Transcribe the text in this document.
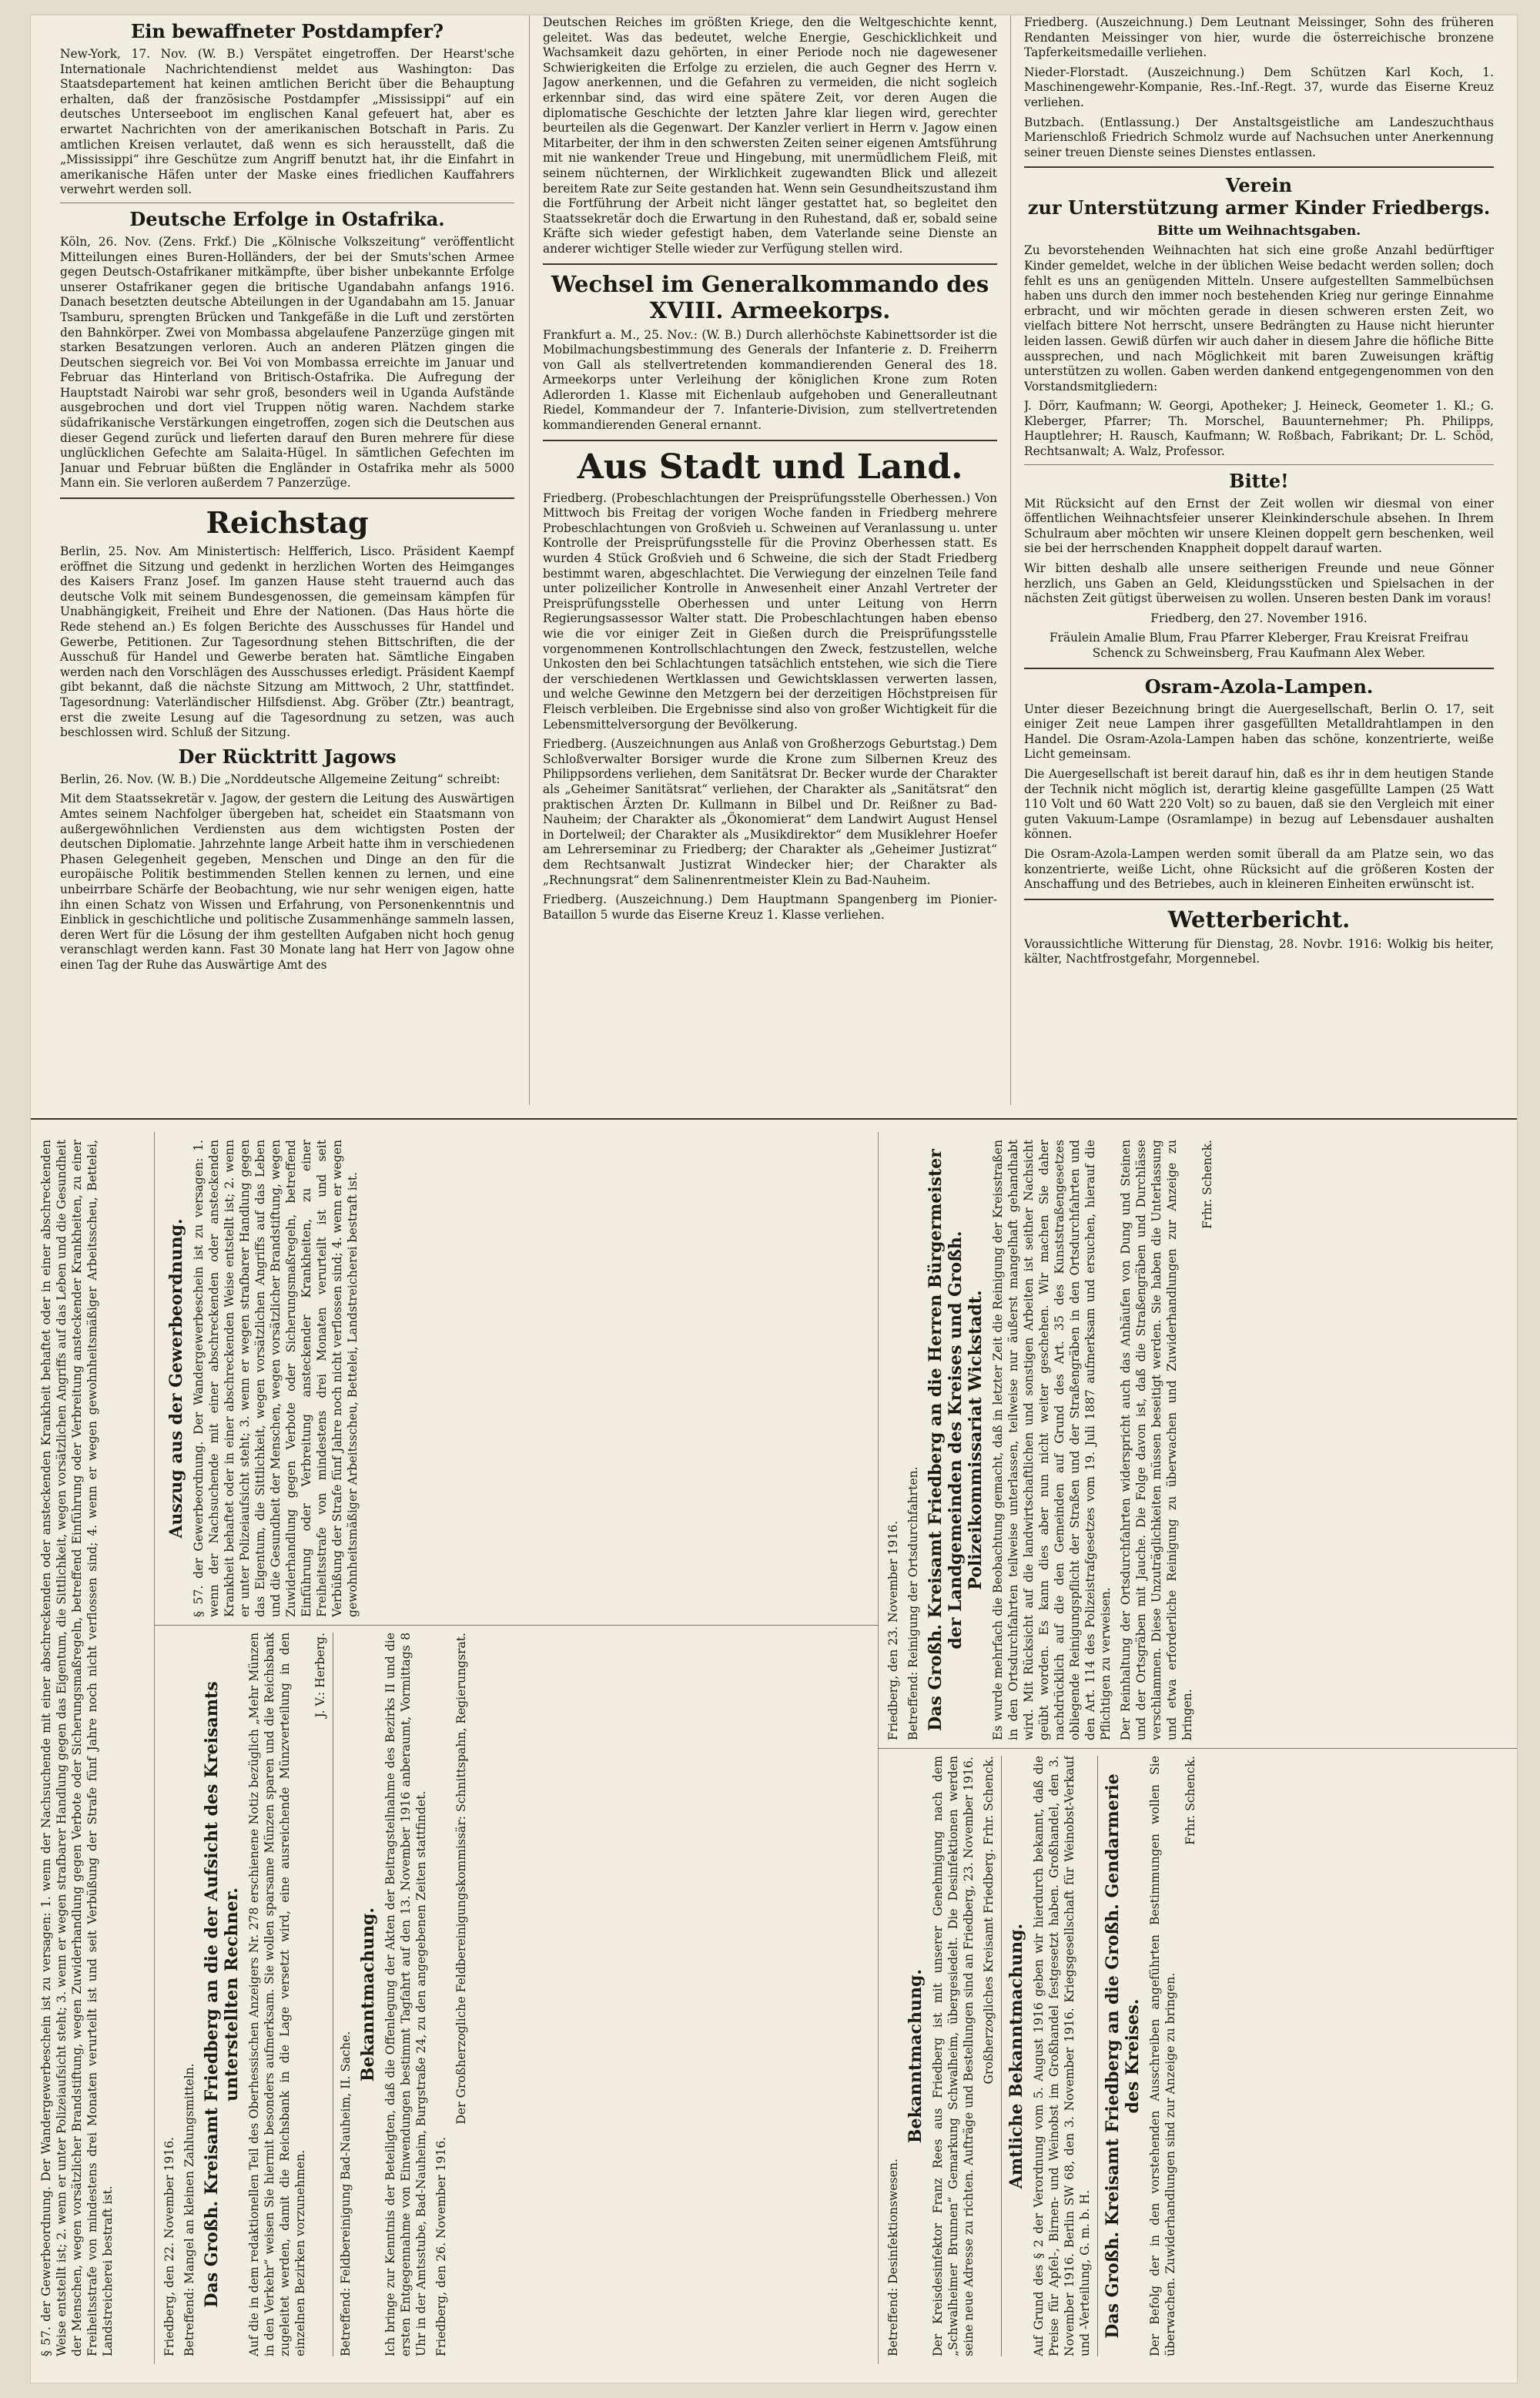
Ein bewaffneter Postdampfer?

New-York, 17. Nov. (W. B.) Verspätet eingetroffen. Der Hearst'sche Internationale Nachrichtendienst meldet aus Washington: Das Staatsdepartement hat keinen amtlichen Bericht über die Behauptung erhalten, daß der französische Postdampfer „Mississippi“ auf ein deutsches Unterseeboot im englischen Kanal gefeuert hat, aber es erwartet Nachrichten von der amerikanischen Botschaft in Paris. Zu amtlichen Kreisen verlautet, daß wenn es sich herausstellt, daß die „Mississippi“ ihre Geschütze zum Angriff benutzt hat, ihr die Einfahrt in amerikanische Häfen unter der Maske eines friedlichen Kauffahrers verwehrt werden soll.

Deutsche Erfolge in Ostafrika.

Köln, 26. Nov. (Zens. Frkf.) Die „Kölnische Volkszeitung“ veröffentlicht Mitteilungen eines Buren-Holländers, der bei der Smuts'schen Armee gegen Deutsch-Ostafrikaner mitkämpfte, über bisher unbekannte Erfolge unserer Ostafrikaner gegen die britische Ugandabahn anfangs 1916. Danach besetzten deutsche Abteilungen in der Ugandabahn am 15. Januar Tsamburu, sprengten Brücken und Tankgefäße in die Luft und zerstörten den Bahnkörper. Zwei von Mombassa abgelaufene Panzerzüge gingen mit starken Besatzungen verloren. Auch an anderen Plätzen gingen die Deutschen siegreich vor. Bei Voi von Mombassa erreichte im Januar und Februar das Hinterland von Britisch-Ostafrika. Die Aufregung der Hauptstadt Nairobi war sehr groß, besonders weil in Uganda Aufstände ausgebrochen und dort viel Truppen nötig waren. Nachdem starke südafrikanische Verstärkungen eingetroffen, zogen sich die Deutschen aus dieser Gegend zurück und lieferten darauf den Buren mehrere für diese unglücklichen Gefechte am Salaita-Hügel. In sämtlichen Gefechten im Januar und Februar büßten die Engländer in Ostafrika mehr als 5000 Mann ein. Sie verloren außerdem 7 Panzerzüge.

Reichstag

Berlin, 25. Nov. Am Ministertisch: Helfferich, Lisco. Präsident Kaempf eröffnet die Sitzung und gedenkt in herzlichen Worten des Heimganges des Kaisers Franz Josef. Im ganzen Hause steht trauernd auch das deutsche Volk mit seinem Bundesgenossen, die gemeinsam kämpfen für Unabhängigkeit, Freiheit und Ehre der Nationen. (Das Haus hörte die Rede stehend an.) Es folgen Berichte des Ausschusses für Handel und Gewerbe, Petitionen. Zur Tagesordnung stehen Bittschriften, die der Ausschuß für Handel und Gewerbe beraten hat. Sämtliche Eingaben werden nach den Vorschlägen des Ausschusses erledigt. Präsident Kaempf gibt bekannt, daß die nächste Sitzung am Mittwoch, 2 Uhr, stattfindet. Tagesordnung: Vaterländischer Hilfsdienst. Abg. Gröber (Ztr.) beantragt, erst die zweite Lesung auf die Tagesordnung zu setzen, was auch beschlossen wird. Schluß der Sitzung.

Der Rücktritt Jagows

Berlin, 26. Nov. (W. B.) Die „Norddeutsche Allgemeine Zeitung“ schreibt:

Mit dem Staatssekretär v. Jagow, der gestern die Leitung des Auswärtigen Amtes seinem Nachfolger übergeben hat, scheidet ein Staatsmann von außergewöhnlichen Verdiensten aus dem wichtigsten Posten der deutschen Diplomatie. Jahrzehnte lange Arbeit hatte ihm in verschiedenen Phasen Gelegenheit gegeben, Menschen und Dinge an den für die europäische Politik bestimmenden Stellen kennen zu lernen, und eine unbeirrbare Schärfe der Beobachtung, wie nur sehr wenigen eigen, hatte ihn einen Schatz von Wissen und Erfahrung, von Personenkenntnis und Einblick in geschichtliche und politische Zusammenhänge sammeln lassen, deren Wert für die Lösung der ihm gestellten Aufgaben nicht hoch genug veranschlagt werden kann. Fast 30 Monate lang hat Herr von Jagow ohne einen Tag der Ruhe das Auswärtige Amt des

Deutschen Reiches im größten Kriege, den die Weltgeschichte kennt, geleitet. Was das bedeutet, welche Energie, Geschicklichkeit und Wachsamkeit dazu gehörten, in einer Periode noch nie dagewesener Schwierigkeiten die Erfolge zu erzielen, die auch Gegner des Herrn v. Jagow anerkennen, und die Gefahren zu vermeiden, die nicht sogleich erkennbar sind, das wird eine spätere Zeit, vor deren Augen die diplomatische Geschichte der letzten Jahre klar liegen wird, gerechter beurteilen als die Gegenwart. Der Kanzler verliert in Herrn v. Jagow einen Mitarbeiter, der ihm in den schwersten Zeiten seiner eigenen Amtsführung mit nie wankender Treue und Hingebung, mit unermüdlichem Fleiß, mit seinem nüchternen, der Wirklichkeit zugewandten Blick und allezeit bereitem Rate zur Seite gestanden hat. Wenn sein Gesundheitszustand ihm die Fortführung der Arbeit nicht länger gestattet hat, so begleitet den Staatssekretär doch die Erwartung in den Ruhestand, daß er, sobald seine Kräfte sich wieder gefestigt haben, dem Vaterlande seine Dienste an anderer wichtiger Stelle wieder zur Verfügung stellen wird.

Wechsel im Generalkommando des
XVIII. Armeekorps.

Frankfurt a. M., 25. Nov.: (W. B.) Durch allerhöchste Kabinettsorder ist die Mobilmachungsbestimmung des Generals der Infanterie z. D. Freiherrn von Gall als stellvertretenden kommandierenden General des 18. Armeekorps unter Verleihung der königlichen Krone zum Roten Adlerorden 1. Klasse mit Eichenlaub aufgehoben und Generalleutnant Riedel, Kommandeur der 7. Infanterie-Division, zum stellvertretenden kommandierenden General ernannt.

Aus Stadt und Land.

Friedberg. (Probeschlachtungen der Preisprüfungsstelle Oberhessen.) Von Mittwoch bis Freitag der vorigen Woche fanden in Friedberg mehrere Probeschlachtungen von Großvieh u. Schweinen auf Veranlassung u. unter Kontrolle der Preisprüfungsstelle für die Provinz Oberhessen statt. Es wurden 4 Stück Großvieh und 6 Schweine, die sich der Stadt Friedberg bestimmt waren, abgeschlachtet. Die Verwiegung der einzelnen Teile fand unter polizeilicher Kontrolle in Anwesenheit einer Anzahl Vertreter der Preisprüfungsstelle Oberhessen und unter Leitung von Herrn Regierungsassessor Walter statt. Die Probeschlachtungen haben ebenso wie die vor einiger Zeit in Gießen durch die Preisprüfungsstelle vorgenommenen Kontrollschlachtungen den Zweck, festzustellen, welche Unkosten den bei Schlachtungen tatsächlich entstehen, wie sich die Tiere der verschiedenen Wertklassen und Gewichtsklassen verwerten lassen, und welche Gewinne den Metzgern bei der derzeitigen Höchstpreisen für Fleisch verbleiben. Die Ergebnisse sind also von großer Wichtigkeit für die Lebensmittelversorgung der Bevölkerung.

Friedberg. (Auszeichnungen aus Anlaß von Großherzogs Geburtstag.) Dem Schloßverwalter Borsiger wurde die Krone zum Silbernen Kreuz des Philippsordens verliehen, dem Sanitätsrat Dr. Becker wurde der Charakter als „Geheimer Sanitätsrat“ verliehen, der Charakter als „Sanitätsrat“ den praktischen Ärzten Dr. Kullmann in Bilbel und Dr. Reißner zu Bad-Nauheim; der Charakter als „Ökonomierat“ dem Landwirt August Hensel in Dortelweil; der Charakter als „Musikdirektor“ dem Musiklehrer Hoefer am Lehrerseminar zu Friedberg; der Charakter als „Geheimer Justizrat“ dem Rechtsanwalt Justizrat Windecker hier; der Charakter als „Rechnungsrat“ dem Salinenrentmeister Klein zu Bad-Nauheim.

Friedberg. (Auszeichnung.) Dem Hauptmann Spangenberg im Pionier-Bataillon 5 wurde das Eiserne Kreuz 1. Klasse verliehen.

Friedberg. (Auszeichnung.) Dem Leutnant Meissinger, Sohn des früheren Rendanten Meissinger von hier, wurde die österreichische bronzene Tapferkeitsmedaille verliehen.

Nieder-Florstadt. (Auszeichnung.) Dem Schützen Karl Koch, 1. Maschinengewehr-Kompanie, Res.-Inf.-Regt. 37, wurde das Eiserne Kreuz verliehen.

Butzbach. (Entlassung.) Der Anstaltsgeistliche am Landeszuchthaus Marienschloß Friedrich Schmolz wurde auf Nachsuchen unter Anerkennung seiner treuen Dienste seines Dienstes entlassen.

Verein
zur Unterstützung armer Kinder Friedbergs.
Bitte um Weihnachtsgaben.

Zu bevorstehenden Weihnachten hat sich eine große Anzahl bedürftiger Kinder gemeldet, welche in der üblichen Weise bedacht werden sollen; doch fehlt es uns an genügenden Mitteln. Unsere aufgestellten Sammelbüchsen haben uns durch den immer noch bestehenden Krieg nur geringe Einnahme erbracht, und wir möchten gerade in diesen schweren ersten Zeit, wo vielfach bittere Not herrscht, unsere Bedrängten zu Hause nicht hierunter leiden lassen. Gewiß dürfen wir auch daher in diesem Jahre die höfliche Bitte aussprechen, und nach Möglichkeit mit baren Zuweisungen kräftig unterstützen zu wollen. Gaben werden dankend entgegengenommen von den Vorstandsmitgliedern:

J. Dörr, Kaufmann; W. Georgi, Apotheker; J. Heineck, Geometer 1. Kl.; G. Kleberger, Pfarrer; Th. Morschel, Bauunternehmer; Ph. Philipps, Hauptlehrer; H. Rausch, Kaufmann; W. Roßbach, Fabrikant; Dr. L. Schöd, Rechtsanwalt; A. Walz, Professor.

Bitte!

Mit Rücksicht auf den Ernst der Zeit wollen wir diesmal von einer öffentlichen Weihnachtsfeier unserer Kleinkinderschule absehen. In Ihrem Schulraum aber möchten wir unsere Kleinen doppelt gern beschenken, weil sie bei der herrschenden Knappheit doppelt darauf warten.

Wir bitten deshalb alle unsere seitherigen Freunde und neue Gönner herzlich, uns Gaben an Geld, Kleidungsstücken und Spielsachen in der nächsten Zeit gütigst überweisen zu wollen. Unseren besten Dank im voraus!

Friedberg, den 27. November 1916.

Fräulein Amalie Blum, Frau Pfarrer Kleberger, Frau Kreisrat Freifrau Schenck zu Schweinsberg, Frau Kaufmann Alex Weber.

Osram-Azola-Lampen.

Unter dieser Bezeichnung bringt die Auergesellschaft, Berlin O. 17, seit einiger Zeit neue Lampen ihrer gasgefüllten Metalldrahtlampen in den Handel. Die Osram-Azola-Lampen haben das schöne, konzentrierte, weiße Licht gemeinsam.

Die Auergesellschaft ist bereit darauf hin, daß es ihr in dem heutigen Stande der Technik nicht möglich ist, derartig kleine gasgefüllte Lampen (25 Watt 110 Volt und 60 Watt 220 Volt) so zu bauen, daß sie den Vergleich mit einer guten Vakuum-Lampe (Osramlampe) in bezug auf Lebensdauer aushalten können.

Die Osram-Azola-Lampen werden somit überall da am Platze sein, wo das konzentrierte, weiße Licht, ohne Rücksicht auf die größeren Kosten der Anschaffung und des Betriebes, auch in kleineren Einheiten erwünscht ist.

Wetterbericht.

Voraussichtliche Witterung für Dienstag, 28. Novbr. 1916: Wolkig bis heiter, kälter, Nachtfrostgefahr, Morgennebel.

Friedberg, den 23. November 1916. Betreffend: Reinigung der Ortsdurchfahrten. Das Großh. Kreisamt Friedberg an die Herren Bürgermeister der Landgemeinden des Kreises und Großh. Polizeikommissariat Wickstadt. Es wurde mehrfach die Beobachtung gemacht, daß in letzter Zeit die Reinigung der Kreisstraßen in den Ortsdurchfahrten teilweise unterlassen, teilweise nur äußerst mangelhaft gehandhabt wird. Mit Rücksicht auf die landwirtschaftlichen und sonstigen Arbeiten ist seither Nachsicht geübt worden. Es kann dies aber nun nicht weiter geschehen. Wir machen Sie daher nachdrücklich auf die den Gemeinden auf Grund des Art. 35 des Kunststraßengesetzes obliegende Reinigungspflicht der Straßen und der Straßengräben in den Ortsdurchfahrten und den Art. 114 des Polizeistrafgesetzes vom 19. Juli 1887 aufmerksam und ersuchen, hierauf die Pflichtigen zu verweisen. Der Reinhaltung der Ortsdurchfahrten widerspricht auch das Anhäufen von Dung und Steinen und der Ortsgräben mit Jauche. Die Folge davon ist, daß die Straßengräben und Durchlässe verschlammen. Diese Unzuträglichkeiten müssen beseitigt werden. Sie haben die Unterlassung und etwa erforderliche Reinigung zu überwachen und Zuwiderhandlungen zur Anzeige zu bringen.

Frhr. Schenck.

Betreffend: Desinfektionswesen.

Bekanntmachung. Der Kreisdesinfektor Franz Rees aus Friedberg ist mit unserer Genehmigung nach dem „Schwalheimer Brunnen“ Gemarkung Schwalheim, übergesiedelt. Die Desinfektionen werden seine neue Adresse zu richten. Aufträge und Bestellungen sind an Friedberg, 23. November 1916. Großherzogliches Kreisamt Friedberg. Frhr. Schenck. Amtliche Bekanntmachung. Auf Grund des § 2 der Verordnung vom 5. August 1916 geben wir hierdurch bekannt, daß die Preise für Apfel-, Birnen- und Weinobst im Großhandel festgesetzt haben. Großhandel, den 3. November 1916. Berlin SW 68, den 3. November 1916. Kriegsgesellschaft für Weinobst-Verkauf und -Verteilung, G. m. b. H. Das Großh. Kreisamt Friedberg an die Großh. Gendarmerie des Kreises. Der Befolg der in den vorstehenden Ausschreiben angeführten Bestimmungen wollen Sie überwachen. Zuwiderhandlungen sind zur Anzeige zu bringen.

Frhr. Schenck.

Auszug aus der Gewerbeordnung. § 57. der Gewerbeordnung. Der Wandergewerbeschein ist zu versagen: 1. wenn der Nachsuchende mit einer abschreckenden oder ansteckenden Krankheit behaftet oder in einer abschreckenden Weise entstellt ist; 2. wenn er unter Polizeiaufsicht steht; 3. wenn er wegen strafbarer Handlung gegen das Eigentum, die Sittlichkeit, wegen vorsätzlichen Angriffs auf das Leben und die Gesundheit der Menschen, wegen vorsätzlicher Brandstiftung, wegen Zuwiderhandlung gegen Verbote oder Sicherungsmaßregeln, betreffend Einführung oder Verbreitung ansteckender Krankheiten, zu einer Freiheitsstrafe von mindestens drei Monaten verurteilt ist und seit Verbüßung der Strafe fünf Jahre noch nicht verflossen sind; 4. wenn er wegen gewohnheitsmäßiger Arbeitsscheu, Bettelei, Landstreicherei bestraft ist.

Friedberg, den 22. November 1916. Betreffend: Mangel an kleinen Zahlungsmitteln. Das Großh. Kreisamt Friedberg an die der Aufsicht des Kreisamts unterstellten Rechner. Auf die in dem redaktionellen Teil des Oberhessischen Anzeigers Nr. 278 erschienene Notiz bezüglich „Mehr Münzen in den Verkehr“ weisen Sie hiermit besonders aufmerksam. Sie wollen sparsame Münzen sparen und die Reichsbank zugeleitet werden, damit die Reichsbank in die Lage versetzt wird, eine ausreichende Münzverteilung in den einzelnen Bezirken vorzunehmen.

J. V.: Herberg.

Betreffend: Feldbereinigung Bad-Nauheim, II. Sache.

Bekanntmachung. Ich bringe zur Kenntnis der Beteiligten, daß die Offenlegung der Akten der Beitragsteilnahme des Bezirks II und die ersten Entgegennahme von Einwendungen bestimmt Tagfahrt auf den 13. November 1916 anberaumt, Vormittags 8 Uhr in der Amtsstube, Bad-Nauheim, Burgstraße 24, zu den angegebenen Zeiten stattfindet. Friedberg, den 26. November 1916.

Der Großherzogliche Feldbereinigungskommissär: Schnittspahn, Regierungsrat.

§ 57. der Gewerbeordnung. Der Wandergewerbeschein ist zu versagen: 1. wenn der Nachsuchende mit einer abschreckenden oder ansteckenden Krankheit behaftet oder in einer abschreckenden Weise entstellt ist; 2. wenn er unter Polizeiaufsicht steht; 3. wenn er wegen strafbarer Handlung gegen das Eigentum, die Sittlichkeit, wegen vorsätzlichen Angriffs auf das Leben und die Gesundheit der Menschen, wegen vorsätzlicher Brandstiftung, wegen Zuwiderhandlung gegen Verbote oder Sicherungsmaßregeln, betreffend Einführung oder Verbreitung ansteckender Krankheiten, zu einer Freiheitsstrafe von mindestens drei Monaten verurteilt ist und seit Verbüßung der Strafe fünf Jahre noch nicht verflossen sind; 4. wenn er wegen gewohnheitsmäßiger Arbeitsscheu, Bettelei, Landstreicherei bestraft ist.
